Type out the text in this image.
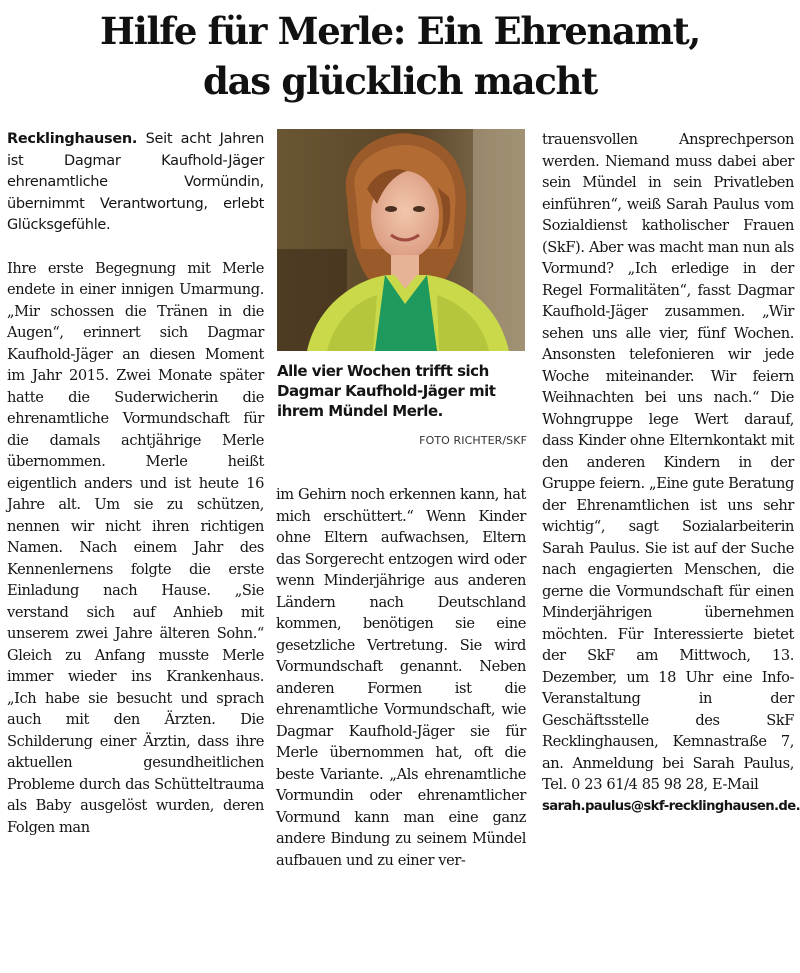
Hilfe für Merle: Ein Ehrenamt,
das glücklich macht

Recklinghausen. Seit acht Jahren ist Dagmar Kaufhold-Jäger ehrenamtliche Vormündin, übernimmt Verantwortung, erlebt Glücksgefühle.

Ihre erste Begegnung mit Merle endete in einer innigen Umarmung. „Mir schossen die Tränen in die Augen“, erinnert sich Dagmar Kaufhold-Jäger an diesen Moment im Jahr 2015. Zwei Monate später hatte die Suderwicherin die ehrenamtliche Vormundschaft für die damals achtjährige Merle übernommen. Merle heißt eigentlich anders und ist heute 16 Jahre alt. Um sie zu schützen, nennen wir nicht ihren richtigen Namen. Nach einem Jahr des Kennenlernens folgte die erste Einladung nach Hause. „Sie verstand sich auf Anhieb mit unserem zwei Jahre älteren Sohn.“ Gleich zu Anfang musste Merle immer wieder ins Krankenhaus. „Ich habe sie besucht und sprach auch mit den Ärzten. Die Schilderung einer Ärztin, dass ihre aktuellen gesundheitlichen Probleme durch das Schütteltrauma als Baby ausgelöst wurden, deren Folgen man

Alle vier Wochen trifft sich Dagmar Kaufhold-Jäger mit ihrem Mündel Merle.
FOTO RICHTER/SKF

im Gehirn noch erkennen kann, hat mich erschüttert.“ Wenn Kinder ohne Eltern aufwachsen, Eltern das Sorgerecht entzogen wird oder wenn Minderjährige aus anderen Ländern nach Deutschland kommen, benötigen sie eine gesetzliche Vertretung. Sie wird Vormundschaft genannt. Neben anderen Formen ist die ehrenamtliche Vormundschaft, wie Dagmar Kaufhold-Jäger sie für Merle übernommen hat, oft die beste Variante. „Als ehrenamtliche Vormundin oder ehrenamtlicher Vormund kann man eine ganz andere Bindung zu seinem Mündel aufbauen und zu einer ver-

trauensvollen Ansprechperson werden. Niemand muss dabei aber sein Mündel in sein Privatleben einführen“, weiß Sarah Paulus vom Sozialdienst katholischer Frauen (SkF). Aber was macht man nun als Vormund? „Ich erledige in der Regel Formalitäten“, fasst Dagmar Kaufhold-Jäger zusammen. „Wir sehen uns alle vier, fünf Wochen. Ansonsten telefonieren wir jede Woche miteinander. Wir feiern Weihnachten bei uns nach.“ Die Wohngruppe lege Wert darauf, dass Kinder ohne Elternkontakt mit den anderen Kindern in der Gruppe feiern. „Eine gute Beratung der Ehrenamtlichen ist uns sehr wichtig“, sagt Sozialarbeiterin Sarah Paulus. Sie ist auf der Suche nach engagierten Menschen, die gerne die Vormundschaft für einen Minderjährigen übernehmen möchten. Für Interessierte bietet der SkF am Mittwoch, 13. Dezember, um 18 Uhr eine Info-Veranstaltung in der Geschäftsstelle des SkF Recklinghausen, Kemnastraße 7, an. Anmeldung bei Sarah Paulus, Tel. 0 23 61/4 85 98 28, E-Mail

sarah.paulus@skf-recklinghausen.de.
